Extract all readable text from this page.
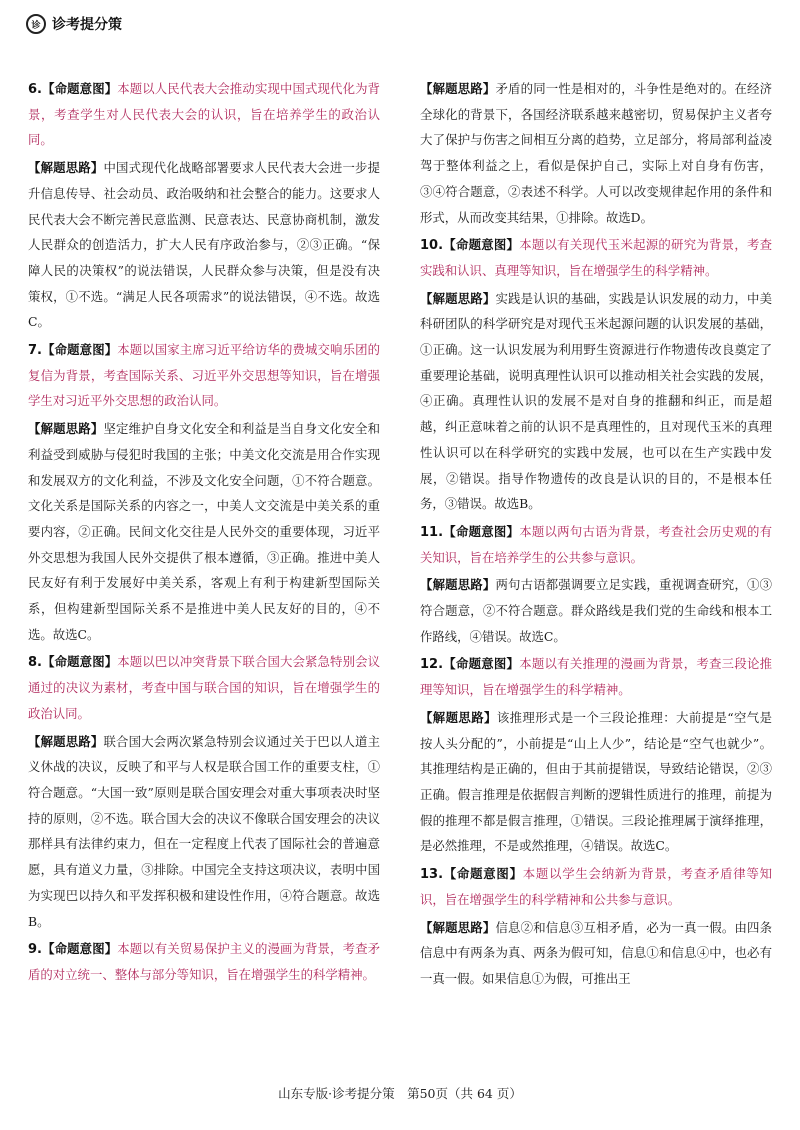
诊 诊考提分策
6.【命题意图】本题以人民代表大会推动实现中国式现代化为背景，考查学生对人民代表大会的认识，旨在培养学生的政治认同。
【解题思路】中国式现代化战略部署要求人民代表大会进一步提升信息传导、社会动员、政治吸纳和社会整合的能力。这要求人民代表大会不断完善民意监测、民意表达、民意协商机制，激发人民群众的创造活力，扩大人民有序政治参与，②③正确。“保障人民的决策权”的说法错误，人民群众参与决策，但是没有决策权，①不选。“满足人民各项需求”的说法错误，④不选。故选C。
7.【命题意图】本题以国家主席习近平给访华的费城交响乐团的复信为背景，考查国际关系、习近平外交思想等知识，旨在增强学生对习近平外交思想的政治认同。
【解题思路】坚定维护自身文化安全和利益是当自身文化安全和利益受到威胁与侵犯时我国的主张；中美文化交流是用合作实现和发展双方的文化利益，不涉及文化安全问题，①不符合题意。文化关系是国际关系的内容之一，中美人文交流是中美关系的重要内容，②正确。民间文化交往是人民外交的重要体现，习近平外交思想为我国人民外交提供了根本遵循，③正确。推进中美人民友好有利于发展好中美关系，客观上有利于构建新型国际关系，但构建新型国际关系不是推进中美人民友好的目的，④不选。故选C。
8.【命题意图】本题以巴以冲突背景下联合国大会紧急特别会议通过的决议为素材，考查中国与联合国的知识，旨在增强学生的政治认同。
【解题思路】联合国大会两次紧急特别会议通过关于巴以人道主义休战的决议，反映了和平与人权是联合国工作的重要支柱，①符合题意。“大国一致”原则是联合国安理会对重大事项表决时坚持的原则，②不选。联合国大会的决议不像联合国安理会的决议那样具有法律约束力，但在一定程度上代表了国际社会的普遍意愿，具有道义力量，③排除。中国完全支持这项决议，表明中国为实现巴以持久和平发挥积极和建设性作用，④符合题意。故选B。
9.【命题意图】本题以有关贸易保护主义的漫画为背景，考查矛盾的对立统一、整体与部分等知识，旨在增强学生的科学精神。
【解题思路】矛盾的同一性是相对的，斗争性是绝对的。在经济全球化的背景下，各国经济联系越来越密切，贸易保护主义者夸大了保护与伤害之间相互分离的趋势，立足部分，将局部利益凌驾于整体利益之上，看似是保护自己，实际上对自身有伤害，③④符合题意，②表述不科学。人可以改变规律起作用的条件和形式，从而改变其结果，①排除。故选D。
10.【命题意图】本题以有关现代玉米起源的研究为背景，考查实践和认识、真理等知识，旨在增强学生的科学精神。
【解题思路】实践是认识的基础，实践是认识发展的动力，中美科研团队的科学研究是对现代玉米起源问题的认识发展的基础，①正确。这一认识发展为利用野生资源进行作物遗传改良奠定了重要理论基础，说明真理性认识可以推动相关社会实践的发展，④正确。真理性认识的发展不是对自身的推翻和纠正，而是超越，纠正意味着之前的认识不是真理性的，且对现代玉米的真理性认识可以在科学研究的实践中发展，也可以在生产实践中发展，②错误。指导作物遗传的改良是认识的目的，不是根本任务，③错误。故选B。
11.【命题意图】本题以两句古语为背景，考查社会历史观的有关知识，旨在培养学生的公共参与意识。
【解题思路】两句古语都强调要立足实践，重视调查研究，①③符合题意，②不符合题意。群众路线是我们党的生命线和根本工作路线，④错误。故选C。
12.【命题意图】本题以有关推理的漫画为背景，考查三段论推理等知识，旨在增强学生的科学精神。
【解题思路】该推理形式是一个三段论推理：大前提是“空气是按人头分配的”，小前提是“山上人少”，结论是“空气也就少”。其推理结构是正确的，但由于其前提错误，导致结论错误，②③正确。假言推理是依据假言判断的逻辑性质进行的推理，前提为假的推理不都是假言推理，①错误。三段论推理属于演绎推理，是必然推理，不是或然推理，④错误。故选C。
13.【命题意图】本题以学生会纳新为背景，考查矛盾律等知识，旨在增强学生的科学精神和公共参与意识。
【解题思路】信息②和信息③互相矛盾，必为一真一假。由四条信息中有两条为真、两条为假可知，信息①和信息④中，也必有一真一假。如果信息①为假，可推出王
山东专版·诊考提分策　第50页（共 64 页）
